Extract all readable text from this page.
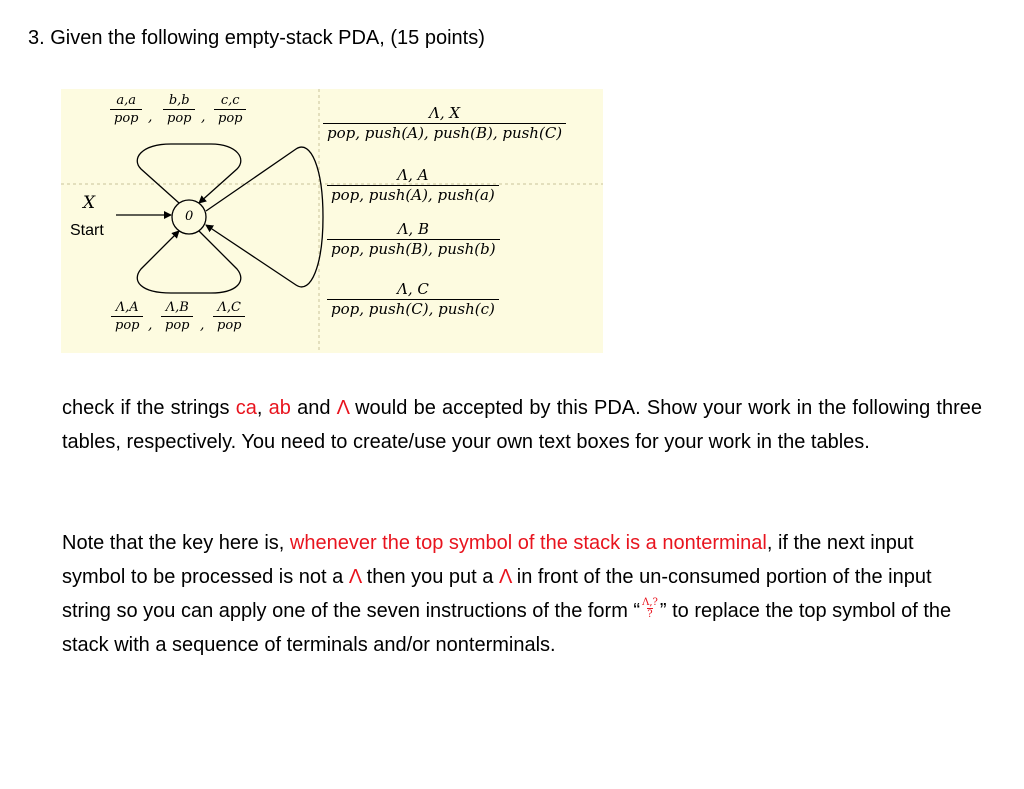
3. Given the following empty-stack PDA, (15 points)
0
X
Start
a,a
pop ,
b,b
pop ,
c,c
pop
Λ,A
pop ,
Λ,B
pop ,
Λ,C
pop
Λ, X
pop, push(A), push(B), push(C)
Λ, A
pop, push(A), push(a)
Λ, B
pop, push(B), push(b)
Λ, C
pop, push(C), push(c)
check if the strings ca, ab and Λ would be accepted by this PDA. Show your work in the following three tables, respectively. You need to create/use your own text boxes for your work in the tables.
Note that the key here is, whenever the top symbol of the stack is a nonterminal, if the next input symbol to be processed is not a Λ then you put a Λ in front of the un-consumed portion of the input string so you can apply one of the seven instructions of the form “ Λ,?
? ” to replace the top symbol of the stack with a sequence of terminals and/or nonterminals.
